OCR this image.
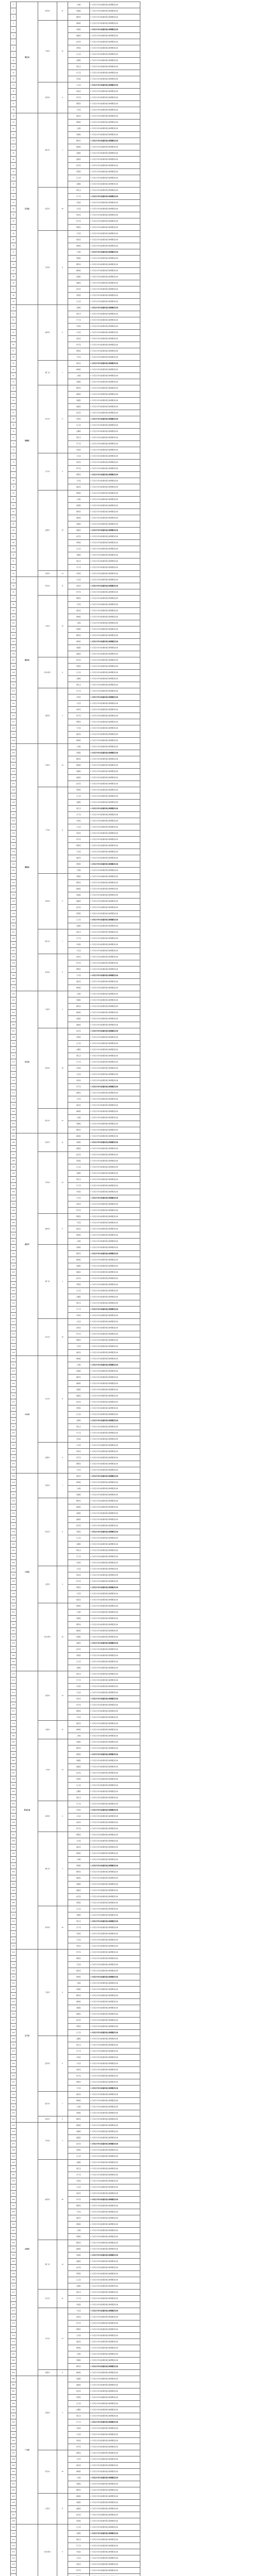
1	浙江省	杭州市	11	上城区	1.天河区沙河东街道防控区域调整的区域
2				西湖区	1.天河区沙河东街道防控区域调整的区域
3				鄞州区	1.天河区沙河东街道防控区域调整的区域
4		宁波市	12	鹿城区	1.天河区沙河东街道防控区域调整的区域
5				南湖区	1.天河区沙河东街道防控区域调整的区域
6				鼓楼区	1.天河区沙河东街道防控区域调整的区域
7				姑苏区	1.天河区沙河东街道防控区域调整的区域
8				思明区	1.天河区沙河东街道防控区域调整的区域
9				江汉区	1.天河区沙河东街道防控区域调整的区域
10				岳麓区	1.天河区沙河东街道防控区域调整的区域
11				锦江区	1.天河区沙河东街道防控区域调整的区域
12				历下区	1.天河区沙河东街道防控区域调整的区域
13				市南区	1.天河区沙河东街道防控区域调整的区域
14		温州市	9	小店区	1.天河区沙河东街道防控区域调整的区域
15				南岗区	1.天河区沙河东街道防控区域调整的区域
16				和平区	1.天河区沙河东街道防控区域调整的区域
17				朝阳区	1.天河区沙河东街道防控区域调整的区域
18				天河区	1.天河区沙河东街道防控区域调整的区域
19	江苏省	嘉兴市	4	福田区	1.天河区沙河东街道防控区域调整的区域
20				禅城区	1.天河区沙河东街道防控区域调整的区域
21				上城区	1.天河区沙河东街道防控区域调整的区域
22				西湖区	1.天河区沙河东街道防控区域调整的区域
23				鄞州区	1.天河区沙河东街道防控区域调整的区域
24				鹿城区	1.天河区沙河东街道防控区域调整的区域
25				南湖区	1.天河区沙河东街道防控区域调整的区域
26				鼓楼区	1.天河区沙河东街道防控区域调整的区域
27				姑苏区	1.天河区沙河东街道防控区域调整的区域
28				思明区	1.天河区沙河东街道防控区域调整的区域
29				江汉区	1.天河区沙河东街道防控区域调整的区域
30				岳麓区	1.天河区沙河东街道防控区域调整的区域
31		南京市	10	锦江区	1.天河区沙河东街道防控区域调整的区域
32				历下区	1.天河区沙河东街道防控区域调整的区域
33				市南区	1.天河区沙河东街道防控区域调整的区域
34				小店区	1.天河区沙河东街道防控区域调整的区域
35				南岗区	1.天河区沙河东街道防控区域调整的区域
36				和平区	1.天河区沙河东街道防控区域调整的区域
37				朝阳区	1.天河区沙河东街道防控区域调整的区域
38		苏州市	8	天河区	1.天河区沙河东街道防控区域调整的区域
39				福田区	1.天河区沙河东街道防控区域调整的区域
40				禅城区	1.天河区沙河东街道防控区域调整的区域
41				上城区	1.天河区沙河东街道防控区域调整的区域
42				西湖区	1.天河区沙河东街道防控区域调整的区域
43				鄞州区	1.天河区沙河东街道防控区域调整的区域
44				鹿城区	1.天河区沙河东街道防控区域调整的区域
45				南湖区	1.天河区沙河东街道防控区域调整的区域
46				鼓楼区	1.天河区沙河东街道防控区域调整的区域
47				姑苏区	1.天河区沙河东街道防控区域调整的区域
48				思明区	1.天河区沙河东街道防控区域调整的区域
49				江汉区	1.天河区沙河东街道防控区域调整的区域
50	福建省	福州市	6	岳麓区	1.天河区沙河东街道防控区域调整的区域
51				锦江区	1.天河区沙河东街道防控区域调整的区域
52				历下区	1.天河区沙河东街道防控区域调整的区域
53				市南区	1.天河区沙河东街道防控区域调整的区域
54				小店区	1.天河区沙河东街道防控区域调整的区域
55				南岗区	1.天河区沙河东街道防控区域调整的区域
56				和平区	1.天河区沙河东街道防控区域调整的区域
57				朝阳区	1.天河区沙河东街道防控区域调整的区域
58				天河区	1.天河区沙河东街道防控区域调整的区域
59		厦门市	7	福田区	1.天河区沙河东街道防控区域调整的区域
60				禅城区	1.天河区沙河东街道防控区域调整的区域
61				上城区	1.天河区沙河东街道防控区域调整的区域
62				西湖区	1.天河区沙河东街道防控区域调整的区域
63		武汉市	5	鄞州区	1.天河区沙河东街道防控区域调整的区域
64				鹿城区	1.天河区沙河东街道防控区域调整的区域
65				南湖区	1.天河区沙河东街道防控区域调整的区域
66				鼓楼区	1.天河区沙河东街道防控区域调整的区域
67				姑苏区	1.天河区沙河东街道防控区域调整的区域
68				思明区	1.天河区沙河东街道防控区域调整的区域
69				江汉区	1.天河区沙河东街道防控区域调整的区域
70				岳麓区	1.天河区沙河东街道防控区域调整的区域
71				锦江区	1.天河区沙河东街道防控区域调整的区域
72				历下区	1.天河区沙河东街道防控区域调整的区域
73				市南区	1.天河区沙河东街道防控区域调整的区域
74		长沙市	3	小店区	1.天河区沙河东街道防控区域调整的区域
75				南岗区	1.天河区沙河东街道防控区域调整的区域
76				和平区	1.天河区沙河东街道防控区域调整的区域
77				朝阳区	1.天河区沙河东街道防控区域调整的区域
78				天河区	1.天河区沙河东街道防控区域调整的区域
79				福田区	1.天河区沙河东街道防控区域调整的区域
80		成都市	15	禅城区	1.天河区沙河东街道防控区域调整的区域
81				上城区	1.天河区沙河东街道防控区域调整的区域
82				西湖区	1.天河区沙河东街道防控区域调整的区域
83				鄞州区	1.天河区沙河东街道防控区域调整的区域
84				鹿城区	1.天河区沙河东街道防控区域调整的区域
85				南湖区	1.天河区沙河东街道防控区域调整的区域
86				鼓楼区	1.天河区沙河东街道防控区域调整的区域
87				姑苏区	1.天河区沙河东街道防控区域调整的区域
88				思明区	1.天河区沙河东街道防控区域调整的区域
89				江汉区	1.天河区沙河东街道防控区域调整的区域
90				岳麓区	1.天河区沙河东街道防控区域调整的区域
91				锦江区	1.天河区沙河东街道防控区域调整的区域
92				历下区	1.天河区沙河东街道防控区域调整的区域
93		济南市	13	市南区	1.天河区沙河东街道防控区域调整的区域
94	湖北省	青岛市	11	小店区	1.天河区沙河东街道防控区域调整的区域
95				南岗区	1.天河区沙河东街道防控区域调整的区域
96				和平区	1.天河区沙河东街道防控区域调整的区域
97		太原市	12	朝阳区	1.天河区沙河东街道防控区域调整的区域
98				天河区	1.天河区沙河东街道防控区域调整的区域
99				福田区	1.天河区沙河东街道防控区域调整的区域
100				禅城区	1.天河区沙河东街道防控区域调整的区域
101				上城区	1.天河区沙河东街道防控区域调整的区域
102				西湖区	1.天河区沙河东街道防控区域调整的区域
103				鄞州区	1.天河区沙河东街道防控区域调整的区域
104				鹿城区	1.天河区沙河东街道防控区域调整的区域
105				南湖区	1.天河区沙河东街道防控区域调整的区域
106				鼓楼区	1.天河区沙河东街道防控区域调整的区域
107		哈尔滨市	9	姑苏区	1.天河区沙河东街道防控区域调整的区域
108				思明区	1.天河区沙河东街道防控区域调整的区域
109				江汉区	1.天河区沙河东街道防控区域调整的区域
110				岳麓区	1.天河区沙河东街道防控区域调整的区域
111				锦江区	1.天河区沙河东街道防控区域调整的区域
112		沈阳市	4	历下区	1.天河区沙河东街道防控区域调整的区域
113				市南区	1.天河区沙河东街道防控区域调整的区域
114				小店区	1.天河区沙河东街道防控区域调整的区域
115				南岗区	1.天河区沙河东街道防控区域调整的区域
116				和平区	1.天河区沙河东街道防控区域调整的区域
117				朝阳区	1.天河区沙河东街道防控区域调整的区域
118				天河区	1.天河区沙河东街道防控区域调整的区域
119				福田区	1.天河区沙河东街道防控区域调整的区域
120				禅城区	1.天河区沙河东街道防控区域调整的区域
121	湖南省	长春市	10	上城区	1.天河区沙河东街道防控区域调整的区域
122				西湖区	1.天河区沙河东街道防控区域调整的区域
123				鄞州区	1.天河区沙河东街道防控区域调整的区域
124				鹿城区	1.天河区沙河东街道防控区域调整的区域
125				南湖区	1.天河区沙河东街道防控区域调整的区域
126				鼓楼区	1.天河区沙河东街道防控区域调整的区域
127				姑苏区	1.天河区沙河东街道防控区域调整的区域
128		广州市	8	思明区	1.天河区沙河东街道防控区域调整的区域
129				江汉区	1.天河区沙河东街道防控区域调整的区域
130				岳麓区	1.天河区沙河东街道防控区域调整的区域
131				锦江区	1.天河区沙河东街道防控区域调整的区域
132				历下区	1.天河区沙河东街道防控区域调整的区域
133				市南区	1.天河区沙河东街道防控区域调整的区域
134				小店区	1.天河区沙河东街道防控区域调整的区域
135				南岗区	1.天河区沙河东街道防控区域调整的区域
136				和平区	1.天河区沙河东街道防控区域调整的区域
137				朝阳区	1.天河区沙河东街道防控区域调整的区域
138				天河区	1.天河区沙河东街道防控区域调整的区域
139				福田区	1.天河区沙河东街道防控区域调整的区域
140				禅城区	1.天河区沙河东街道防控区域调整的区域
141				上城区	1.天河区沙河东街道防控区域调整的区域
142		深圳市	6	西湖区	1.天河区沙河东街道防控区域调整的区域
143				鄞州区	1.天河区沙河东街道防控区域调整的区域
144				鹿城区	1.天河区沙河东街道防控区域调整的区域
145				南湖区	1.天河区沙河东街道防控区域调整的区域
146				鼓楼区	1.天河区沙河东街道防控区域调整的区域
147				姑苏区	1.天河区沙河东街道防控区域调整的区域
148				思明区	1.天河区沙河东街道防控区域调整的区域
149				江汉区	1.天河区沙河东街道防控区域调整的区域
150				岳麓区	1.天河区沙河东街道防控区域调整的区域
151		佛山市	7	锦江区	1.天河区沙河东街道防控区域调整的区域
152				历下区	1.天河区沙河东街道防控区域调整的区域
153				市南区	1.天河区沙河东街道防控区域调整的区域
154				小店区	1.天河区沙河东街道防控区域调整的区域
155		杭州市	5	南岗区	1.天河区沙河东街道防控区域调整的区域
156				和平区	1.天河区沙河东街道防控区域调整的区域
157				朝阳区	1.天河区沙河东街道防控区域调整的区域
158				天河区	1.天河区沙河东街道防控区域调整的区域
159				福田区	1.天河区沙河东街道防控区域调整的区域
160				禅城区	1.天河区沙河东街道防控区域调整的区域
161	四川省	宁波市	3	上城区	1.天河区沙河东街道防控区域调整的区域
162				西湖区	1.天河区沙河东街道防控区域调整的区域
163				鄞州区	1.天河区沙河东街道防控区域调整的区域
164				鹿城区	1.天河区沙河东街道防控区域调整的区域
165				南湖区	1.天河区沙河东街道防控区域调整的区域
166				鼓楼区	1.天河区沙河东街道防控区域调整的区域
167		温州市	15	姑苏区	1.天河区沙河东街道防控区域调整的区域
168				思明区	1.天河区沙河东街道防控区域调整的区域
169				江汉区	1.天河区沙河东街道防控区域调整的区域
170				岳麓区	1.天河区沙河东街道防控区域调整的区域
171				锦江区	1.天河区沙河东街道防控区域调整的区域
172				历下区	1.天河区沙河东街道防控区域调整的区域
173				市南区	1.天河区沙河东街道防控区域调整的区域
174				小店区	1.天河区沙河东街道防控区域调整的区域
175				南岗区	1.天河区沙河东街道防控区域调整的区域
176				和平区	1.天河区沙河东街道防控区域调整的区域
177				朝阳区	1.天河区沙河东街道防控区域调整的区域
178				天河区	1.天河区沙河东街道防控区域调整的区域
179				福田区	1.天河区沙河东街道防控区域调整的区域
180		嘉兴市	13	禅城区	1.天河区沙河东街道防控区域调整的区域
181				上城区	1.天河区沙河东街道防控区域调整的区域
182				西湖区	1.天河区沙河东街道防控区域调整的区域
183				鄞州区	1.天河区沙河东街道防控区域调整的区域
184	重庆市	南京市	11	鹿城区	1.天河区沙河东街道防控区域调整的区域
185				南湖区	1.天河区沙河东街道防控区域调整的区域
186				鼓楼区	1.天河区沙河东街道防控区域调整的区域
187		苏州市	12	姑苏区	1.天河区沙河东街道防控区域调整的区域
188				思明区	1.天河区沙河东街道防控区域调整的区域
189				江汉区	1.天河区沙河东街道防控区域调整的区域
190				岳麓区	1.天河区沙河东街道防控区域调整的区域
191				锦江区	1.天河区沙河东街道防控区域调整的区域
192				历下区	1.天河区沙河东街道防控区域调整的区域
193				市南区	1.天河区沙河东街道防控区域调整的区域
194				小店区	1.天河区沙河东街道防控区域调整的区域
195				南岗区	1.天河区沙河东街道防控区域调整的区域
196				和平区	1.天河区沙河东街道防控区域调整的区域
197		福州市	9	朝阳区	1.天河区沙河东街道防控区域调整的区域
198				天河区	1.天河区沙河东街道防控区域调整的区域
199				福田区	1.天河区沙河东街道防控区域调整的区域
200				禅城区	1.天河区沙河东街道防控区域调整的区域
201				上城区	1.天河区沙河东街道防控区域调整的区域
202		厦门市	4	西湖区	1.天河区沙河东街道防控区域调整的区域
203				鄞州区	1.天河区沙河东街道防控区域调整的区域
204				鹿城区	1.天河区沙河东街道防控区域调整的区域
205				南湖区	1.天河区沙河东街道防控区域调整的区域
206				鼓楼区	1.天河区沙河东街道防控区域调整的区域
207				姑苏区	1.天河区沙河东街道防控区域调整的区域
208				思明区	1.天河区沙河东街道防控区域调整的区域
209				江汉区	1.天河区沙河东街道防控区域调整的区域
210				岳麓区	1.天河区沙河东街道防控区域调整的区域
211				锦江区	1.天河区沙河东街道防控区域调整的区域
212				历下区	1.天河区沙河东街道防控区域调整的区域
213				市南区	1.天河区沙河东街道防控区域调整的区域
214		武汉市	10	小店区	1.天河区沙河东街道防控区域调整的区域
215				南岗区	1.天河区沙河东街道防控区域调整的区域
216				和平区	1.天河区沙河东街道防控区域调整的区域
217				朝阳区	1.天河区沙河东街道防控区域调整的区域
218				天河区	1.天河区沙河东街道防控区域调整的区域
219				福田区	1.天河区沙河东街道防控区域调整的区域
220	山东省	长沙市	8	禅城区	1.天河区沙河东街道防控区域调整的区域
221				上城区	1.天河区沙河东街道防控区域调整的区域
222				西湖区	1.天河区沙河东街道防控区域调整的区域
223				鄞州区	1.天河区沙河东街道防控区域调整的区域
224				鹿城区	1.天河区沙河东街道防控区域调整的区域
225				南湖区	1.天河区沙河东街道防控区域调整的区域
226				鼓楼区	1.天河区沙河东街道防控区域调整的区域
227				姑苏区	1.天河区沙河东街道防控区域调整的区域
228				思明区	1.天河区沙河东街道防控区域调整的区域
229				江汉区	1.天河区沙河东街道防控区域调整的区域
230				岳麓区	1.天河区沙河东街道防控区域调整的区域
231				锦江区	1.天河区沙河东街道防控区域调整的区域
232				历下区	1.天河区沙河东街道防控区域调整的区域
233				市南区	1.天河区沙河东街道防控区域调整的区域
234		成都市	6	小店区	1.天河区沙河东街道防控区域调整的区域
235				南岗区	1.天河区沙河东街道防控区域调整的区域
236				和平区	1.天河区沙河东街道防控区域调整的区域
237				朝阳区	1.天河区沙河东街道防控区域调整的区域
238				天河区	1.天河区沙河东街道防控区域调整的区域
239	山西省	济南市	7	福田区	1.天河区沙河东街道防控区域调整的区域
240				禅城区	1.天河区沙河东街道防控区域调整的区域
241				上城区	1.天河区沙河东街道防控区域调整的区域
242				西湖区	1.天河区沙河东街道防控区域调整的区域
243		青岛市	5	鄞州区	1.天河区沙河东街道防控区域调整的区域
244				鹿城区	1.天河区沙河东街道防控区域调整的区域
245				南湖区	1.天河区沙河东街道防控区域调整的区域
246				鼓楼区	1.天河区沙河东街道防控区域调整的区域
247				姑苏区	1.天河区沙河东街道防控区域调整的区域
248				思明区	1.天河区沙河东街道防控区域调整的区域
249				江汉区	1.天河区沙河东街道防控区域调整的区域
250				岳麓区	1.天河区沙河东街道防控区域调整的区域
251				锦江区	1.天河区沙河东街道防控区域调整的区域
252				历下区	1.天河区沙河东街道防控区域调整的区域
253				市南区	1.天河区沙河东街道防控区域调整的区域
254		太原市	3	小店区	1.天河区沙河东街道防控区域调整的区域
255				南岗区	1.天河区沙河东街道防控区域调整的区域
256				和平区	1.天河区沙河东街道防控区域调整的区域
257				朝阳区	1.天河区沙河东街道防控区域调整的区域
258				天河区	1.天河区沙河东街道防控区域调整的区域
259				福田区	1.天河区沙河东街道防控区域调整的区域
260		哈尔滨市	15	禅城区	1.天河区沙河东街道防控区域调整的区域
261				上城区	1.天河区沙河东街道防控区域调整的区域
262				西湖区	1.天河区沙河东街道防控区域调整的区域
263				鄞州区	1.天河区沙河东街道防控区域调整的区域
264				鹿城区	1.天河区沙河东街道防控区域调整的区域
265				南湖区	1.天河区沙河东街道防控区域调整的区域
266				鼓楼区	1.天河区沙河东街道防控区域调整的区域
267				姑苏区	1.天河区沙河东街道防控区域调整的区域
268				思明区	1.天河区沙河东街道防控区域调整的区域
269				江汉区	1.天河区沙河东街道防控区域调整的区域
270				岳麓区	1.天河区沙河东街道防控区域调整的区域
271	黑龙江省	沈阳市	13	锦江区	1.天河区沙河东街道防控区域调整的区域
272				历下区	1.天河区沙河东街道防控区域调整的区域
273				市南区	1.天河区沙河东街道防控区域调整的区域
274				小店区	1.天河区沙河东街道防控区域调整的区域
275				南岗区	1.天河区沙河东街道防控区域调整的区域
276				和平区	1.天河区沙河东街道防控区域调整的区域
277				朝阳区	1.天河区沙河东街道防控区域调整的区域
278				天河区	1.天河区沙河东街道防控区域调整的区域
279		长春市	11	福田区	1.天河区沙河东街道防控区域调整的区域
280				禅城区	1.天河区沙河东街道防控区域调整的区域
281				上城区	1.天河区沙河东街道防控区域调整的区域
282		广州市	12	西湖区	1.天河区沙河东街道防控区域调整的区域
283				鄞州区	1.天河区沙河东街道防控区域调整的区域
284				鹿城区	1.天河区沙河东街道防控区域调整的区域
285				南湖区	1.天河区沙河东街道防控区域调整的区域
286				鼓楼区	1.天河区沙河东街道防控区域调整的区域
287				姑苏区	1.天河区沙河东街道防控区域调整的区域
288				思明区	1.天河区沙河东街道防控区域调整的区域
289				江汉区	1.天河区沙河东街道防控区域调整的区域
290				岳麓区	1.天河区沙河东街道防控区域调整的区域
291				锦江区	1.天河区沙河东街道防控区域调整的区域
292		深圳市	9	历下区	1.天河区沙河东街道防控区域调整的区域
293				市南区	1.天河区沙河东街道防控区域调整的区域
294				小店区	1.天河区沙河东街道防控区域调整的区域
295				南岗区	1.天河区沙河东街道防控区域调整的区域
296				和平区	1.天河区沙河东街道防控区域调整的区域
297		佛山市	4	朝阳区	1.天河区沙河东街道防控区域调整的区域
298				天河区	1.天河区沙河东街道防控区域调整的区域
299				福田区	1.天河区沙河东街道防控区域调整的区域
300				禅城区	1.天河区沙河东街道防控区域调整的区域
301				上城区	1.天河区沙河东街道防控区域调整的区域
302				西湖区	1.天河区沙河东街道防控区域调整的区域
303				鄞州区	1.天河区沙河东街道防控区域调整的区域
304				鹿城区	1.天河区沙河东街道防控区域调整的区域
305				南湖区	1.天河区沙河东街道防控区域调整的区域
306				鼓楼区	1.天河区沙河东街道防控区域调整的区域
307				姑苏区	1.天河区沙河东街道防控区域调整的区域
308				思明区	1.天河区沙河东街道防控区域调整的区域
309		杭州市	10	江汉区	1.天河区沙河东街道防控区域调整的区域
310				岳麓区	1.天河区沙河东街道防控区域调整的区域
311				锦江区	1.天河区沙河东街道防控区域调整的区域
312				历下区	1.天河区沙河东街道防控区域调整的区域
313				市南区	1.天河区沙河东街道防控区域调整的区域
314				小店区	1.天河区沙河东街道防控区域调整的区域
315				南岗区	1.天河区沙河东街道防控区域调整的区域
316	辽宁省	宁波市	8	和平区	1.天河区沙河东街道防控区域调整的区域
317				朝阳区	1.天河区沙河东街道防控区域调整的区域
318				天河区	1.天河区沙河东街道防控区域调整的区域
319				福田区	1.天河区沙河东街道防控区域调整的区域
320				禅城区	1.天河区沙河东街道防控区域调整的区域
321				上城区	1.天河区沙河东街道防控区域调整的区域
322				西湖区	1.天河区沙河东街道防控区域调整的区域
323				鄞州区	1.天河区沙河东街道防控区域调整的区域
324				鹿城区	1.天河区沙河东街道防控区域调整的区域
325				南湖区	1.天河区沙河东街道防控区域调整的区域
326				鼓楼区	1.天河区沙河东街道防控区域调整的区域
327				姑苏区	1.天河区沙河东街道防控区域调整的区域
328				思明区	1.天河区沙河东街道防控区域调整的区域
329				江汉区	1.天河区沙河东街道防控区域调整的区域
330		温州市	6	岳麓区	1.天河区沙河东街道防控区域调整的区域
331				锦江区	1.天河区沙河东街道防控区域调整的区域
332				历下区	1.天河区沙河东街道防控区域调整的区域
333				市南区	1.天河区沙河东街道防控区域调整的区域
334				小店区	1.天河区沙河东街道防控区域调整的区域
335				南岗区	1.天河区沙河东街道防控区域调整的区域
336				和平区	1.天河区沙河东街道防控区域调整的区域
337				朝阳区	1.天河区沙河东街道防控区域调整的区域
338				天河区	1.天河区沙河东街道防控区域调整的区域
339		嘉兴市	7	福田区	1.天河区沙河东街道防控区域调整的区域
340				禅城区	1.天河区沙河东街道防控区域调整的区域
341				上城区	1.天河区沙河东街道防控区域调整的区域
342				西湖区	1.天河区沙河东街道防控区域调整的区域
343		南京市	5	鄞州区	1.天河区沙河东街道防控区域调整的区域
344	吉林省	苏州市	3	鹿城区	1.天河区沙河东街道防控区域调整的区域
345				南湖区	1.天河区沙河东街道防控区域调整的区域
346				鼓楼区	1.天河区沙河东街道防控区域调整的区域
347				姑苏区	1.天河区沙河东街道防控区域调整的区域
348				思明区	1.天河区沙河东街道防控区域调整的区域
349				江汉区	1.天河区沙河东街道防控区域调整的区域
350		福州市	15	岳麓区	1.天河区沙河东街道防控区域调整的区域
351				锦江区	1.天河区沙河东街道防控区域调整的区域
352				历下区	1.天河区沙河东街道防控区域调整的区域
353				市南区	1.天河区沙河东街道防控区域调整的区域
354				小店区	1.天河区沙河东街道防控区域调整的区域
355				南岗区	1.天河区沙河东街道防控区域调整的区域
356				和平区	1.天河区沙河东街道防控区域调整的区域
357				朝阳区	1.天河区沙河东街道防控区域调整的区域
358				天河区	1.天河区沙河东街道防控区域调整的区域
359				福田区	1.天河区沙河东街道防控区域调整的区域
360				禅城区	1.天河区沙河东街道防控区域调整的区域
361				上城区	1.天河区沙河东街道防控区域调整的区域
362				西湖区	1.天河区沙河东街道防控区域调整的区域
363		厦门市	13	鄞州区	1.天河区沙河东街道防控区域调整的区域
364				鹿城区	1.天河区沙河东街道防控区域调整的区域
365				南湖区	1.天河区沙河东街道防控区域调整的区域
366				鼓楼区	1.天河区沙河东街道防控区域调整的区域
367				姑苏区	1.天河区沙河东街道防控区域调整的区域
368				思明区	1.天河区沙河东街道防控区域调整的区域
369				江汉区	1.天河区沙河东街道防控区域调整的区域
370				岳麓区	1.天河区沙河东街道防控区域调整的区域
371		武汉市	11	锦江区	1.天河区沙河东街道防控区域调整的区域
372				历下区	1.天河区沙河东街道防控区域调整的区域
373				市南区	1.天河区沙河东街道防控区域调整的区域
374		长沙市	12	小店区	1.天河区沙河东街道防控区域调整的区域
375				南岗区	1.天河区沙河东街道防控区域调整的区域
376				和平区	1.天河区沙河东街道防控区域调整的区域
377				朝阳区	1.天河区沙河东街道防控区域调整的区域
378				天河区	1.天河区沙河东街道防控区域调整的区域
379				福田区	1.天河区沙河东街道防控区域调整的区域
380				禅城区	1.天河区沙河东街道防控区域调整的区域
381				上城区	1.天河区沙河东街道防控区域调整的区域
382				西湖区	1.天河区沙河东街道防控区域调整的区域
383				鄞州区	1.天河区沙河东街道防控区域调整的区域
384		成都市	9	鹿城区	1.天河区沙河东街道防控区域调整的区域
385	广东省	济南市	4	南湖区	1.天河区沙河东街道防控区域调整的区域
386				鼓楼区	1.天河区沙河东街道防控区域调整的区域
387				姑苏区	1.天河区沙河东街道防控区域调整的区域
388				思明区	1.天河区沙河东街道防控区域调整的区域
389				江汉区	1.天河区沙河东街道防控区域调整的区域
390				岳麓区	1.天河区沙河东街道防控区域调整的区域
391				锦江区	1.天河区沙河东街道防控区域调整的区域
392				历下区	1.天河区沙河东街道防控区域调整的区域
393				市南区	1.天河区沙河东街道防控区域调整的区域
394				小店区	1.天河区沙河东街道防控区域调整的区域
395				南岗区	1.天河区沙河东街道防控区域调整的区域
396				和平区	1.天河区沙河东街道防控区域调整的区域
397		青岛市	10	朝阳区	1.天河区沙河东街道防控区域调整的区域
398				天河区	1.天河区沙河东街道防控区域调整的区域
399				福田区	1.天河区沙河东街道防控区域调整的区域
400				禅城区	1.天河区沙河东街道防控区域调整的区域
401				上城区	1.天河区沙河东街道防控区域调整的区域
402				西湖区	1.天河区沙河东街道防控区域调整的区域
403				鄞州区	1.天河区沙河东街道防控区域调整的区域
404		太原市	8	鹿城区	1.天河区沙河东街道防控区域调整的区域
405				南湖区	1.天河区沙河东街道防控区域调整的区域
406				鼓楼区	1.天河区沙河东街道防控区域调整的区域
407				姑苏区	1.天河区沙河东街道防控区域调整的区域
408				思明区	1.天河区沙河东街道防控区域调整的区域
409		哈尔滨市	6	江汉区	1.天河区沙河东街道防控区域调整的区域
410				岳麓区	1.天河区沙河东街道防控区域调整的区域
411				锦江区	1.天河区沙河东街道防控区域调整的区域
412				历下区	1.天河区沙河东街道防控区域调整的区域
413				市南区	1.天河区沙河东街道防控区域调整的区域
414				小店区	1.天河区沙河东街道防控区域调整的区域
415				南岗区	1.天河区沙河东街道防控区域调整的区域
416				和平区	1.天河区沙河东街道防控区域调整的区域
